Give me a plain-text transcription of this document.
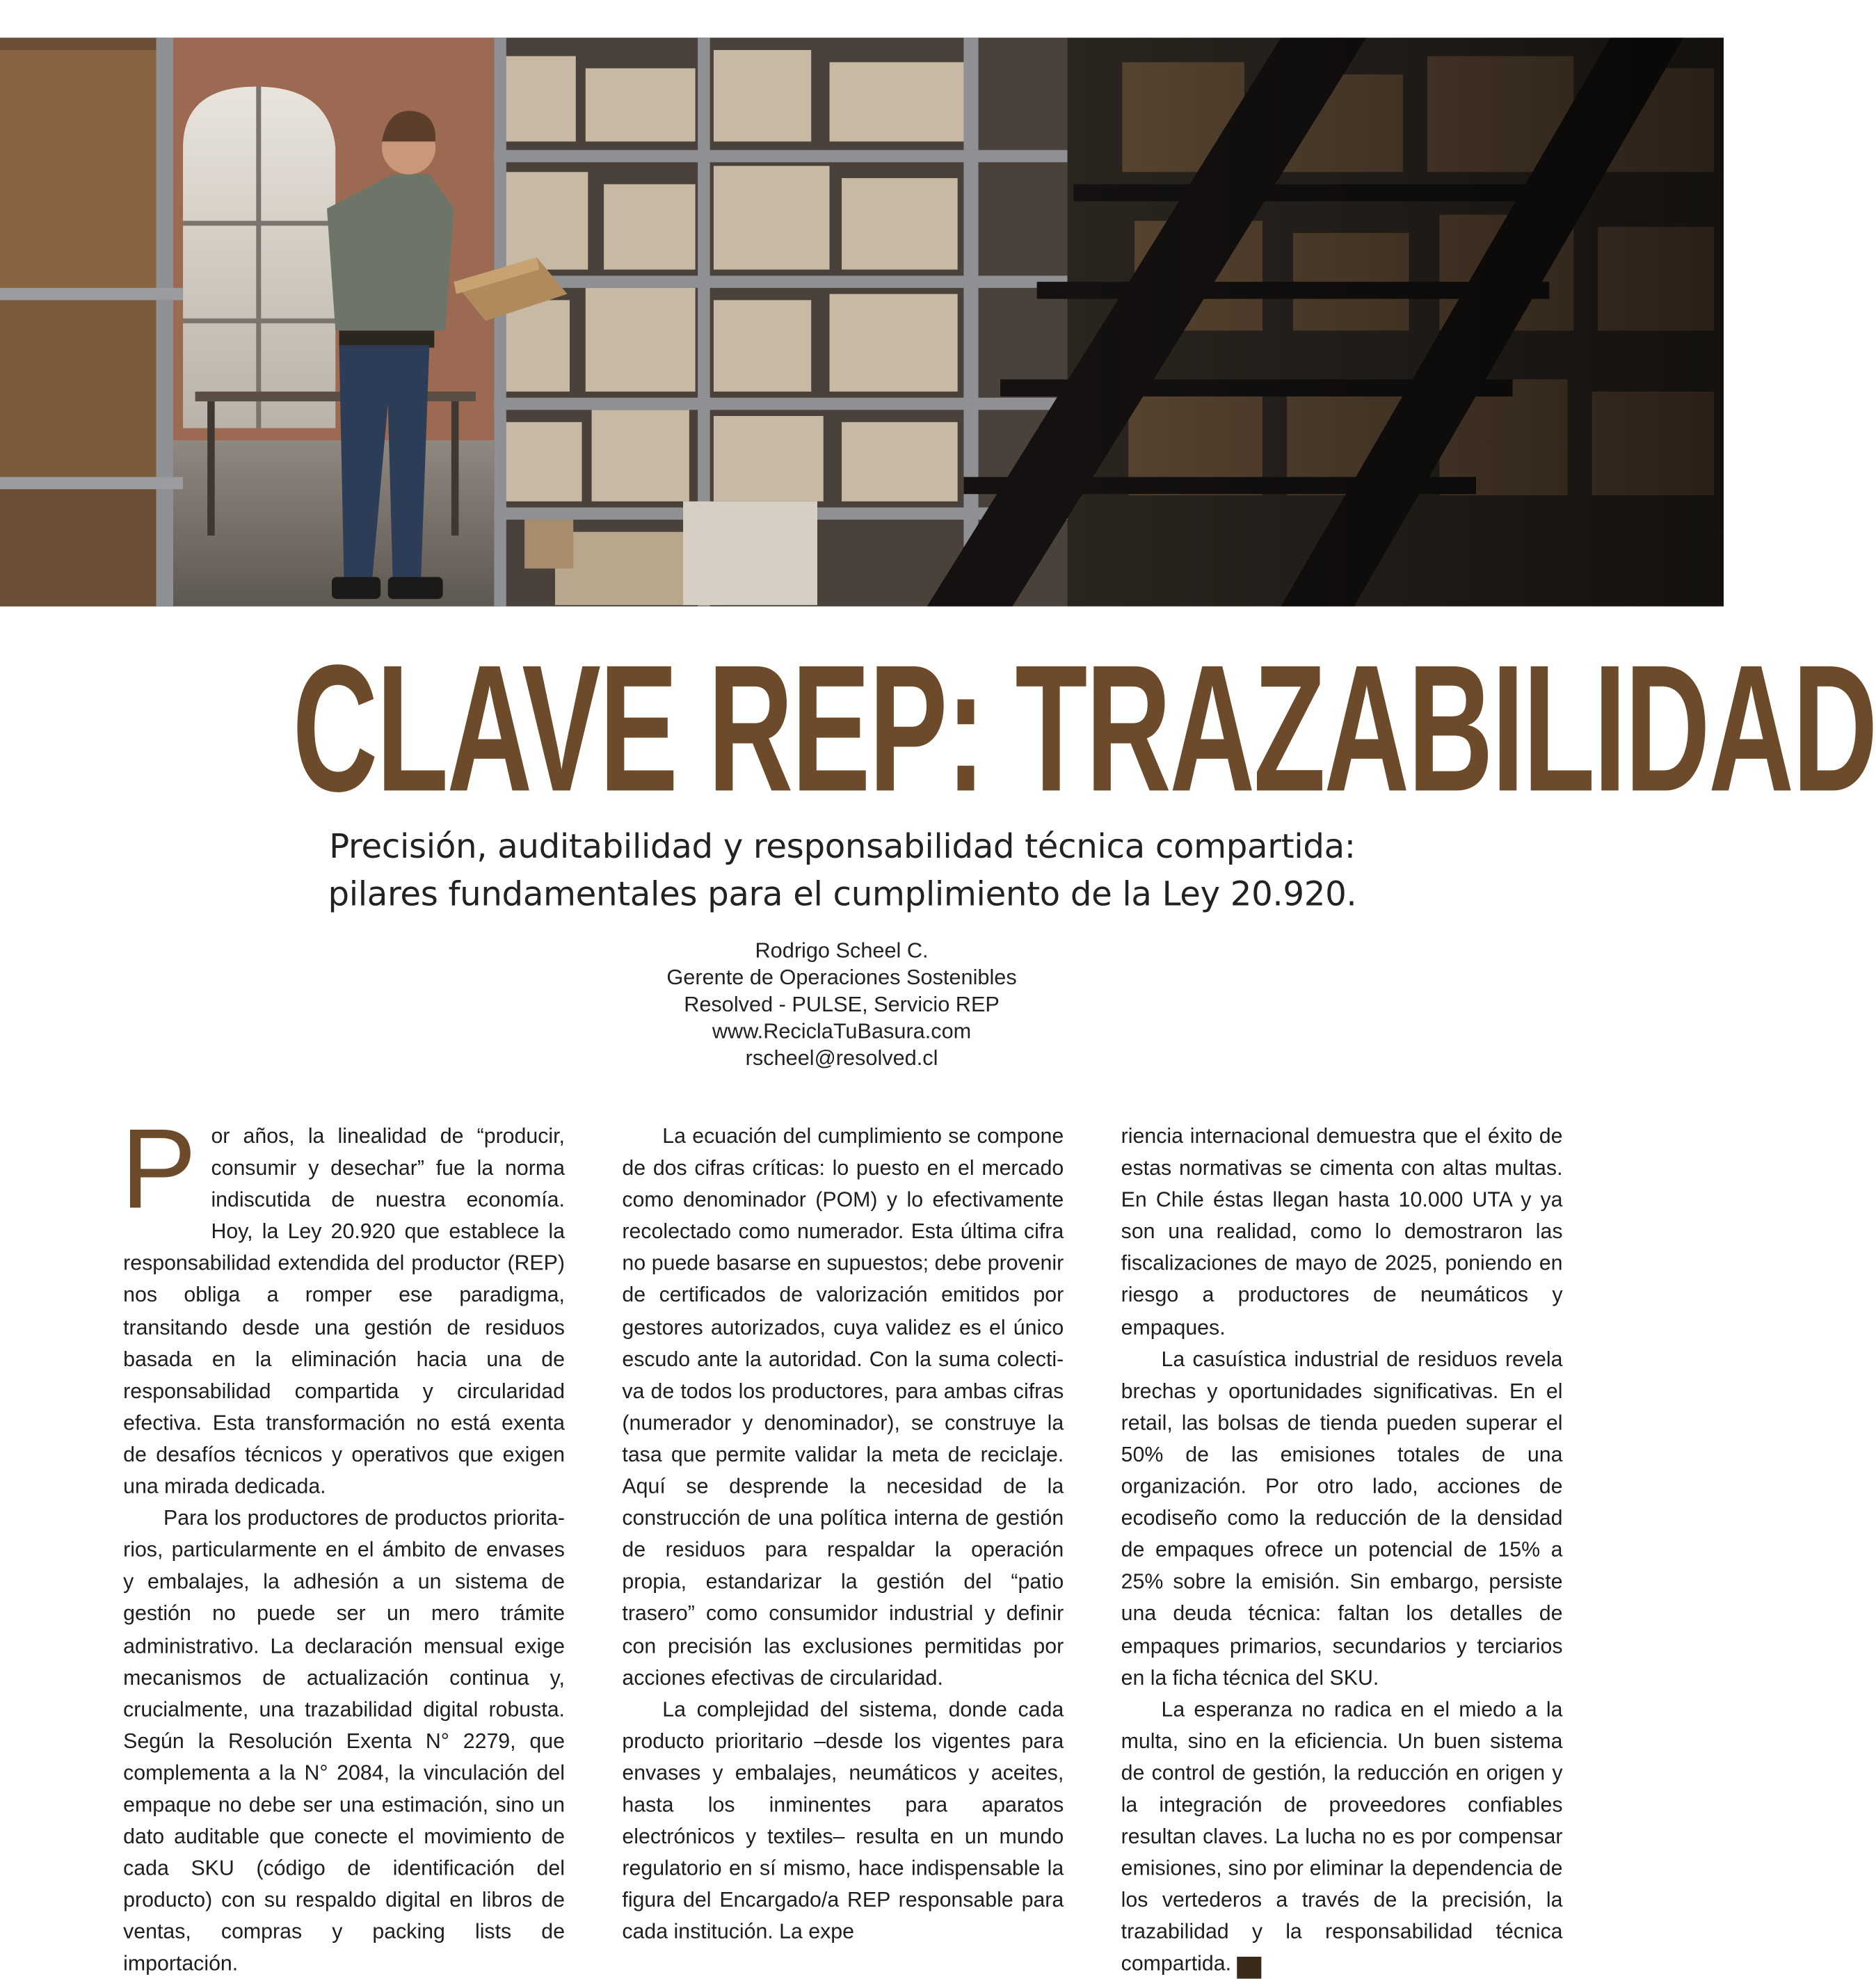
CLAVE REP: TRAZABILIDAD
Precisión, auditabilidad y responsabilidad técnica compartida:
pilares fundamentales para el cumplimiento de la Ley 20.920.
Rodrigo Scheel C.
Gerente de Operaciones Sostenibles
Resolved - PULSE, Servicio REP
www.ReciclaTuBasura.com
rscheel@resolved.cl

P or años, la linealidad de “producir, consumir y desechar” fue la norma indiscutida de nuestra economía. Hoy, la Ley 20.920 que establece la responsabilidad extendida del productor (REP) nos obliga a romper ese paradigma, transitando desde una gestión de residuos basada en la eliminación hacia una de responsabilidad compartida y circularidad efectiva. Esta transformación no está exenta de desafíos técnicos y operativos que exigen una mirada dedicada.

Para los productores de productos prioritarios, particularmente en el ámbito de envases y embalajes, la adhesión a un sistema de gestión no puede ser un mero trámite administrativo. La declaración mensual exige mecanismos de actualización continua y, crucialmente, una trazabilidad digital robusta. Según la Resolución Exenta N° 2279, que complementa a la N° 2084, la vinculación del empaque no debe ser una estimación, sino un dato auditable que conecte el movimiento de cada SKU (código de identificación del producto) con su respaldo digital en libros de ventas, compras y packing lists de importación.

La ecuación del cumplimiento se compone de dos cifras críticas: lo puesto en el mercado como denominador (POM) y lo efectivamente recolectado como numerador. Esta última cifra no puede basarse en supuestos; debe provenir de certificados de valorización emitidos por gestores autorizados, cuya validez es el único escudo ante la autoridad. Con la suma colectiva de todos los productores, para ambas cifras (numerador y denominador), se construye la tasa que permite validar la meta de reciclaje. Aquí se desprende la necesidad de la construcción de una política interna de gestión de residuos para respaldar la operación propia, estandarizar la gestión del “patio trasero” como consumidor industrial y definir con precisión las exclusiones permitidas por acciones efectivas de circularidad.

La complejidad del sistema, donde cada producto prioritario –desde los vigentes para envases y embalajes, neumáticos y aceites, hasta los inminentes para aparatos electrónicos y textiles– resulta en un mundo regulatorio en sí mismo, hace indispensable la figura del Encargado/a REP responsable para cada institución. La expe

riencia internacional demuestra que el éxito de estas normativas se cimenta con altas multas. En Chile éstas llegan hasta 10.000 UTA y ya son una realidad, como lo demostraron las fiscalizaciones de mayo de 2025, poniendo en riesgo a productores de neumáticos y empaques.

La casuística industrial de residuos revela brechas y oportunidades significativas. En el retail, las bolsas de tienda pueden superar el 50% de las emisiones totales de una organización. Por otro lado, acciones de ecodiseño como la reducción de la densidad de empaques ofrece un potencial de 15% a 25% sobre la emisión. Sin embargo, persiste una deuda técnica: faltan los detalles de empaques primarios, secundarios y terciarios en la ficha técnica del SKU.

La esperanza no radica en el miedo a la multa, sino en la eficiencia. Un buen sistema de control de gestión, la reducción en origen y la integración de proveedores confiables resultan claves. La lucha no es por compensar emisiones, sino por eliminar la dependencia de los vertederos a través de la precisión, la trazabilidad y la responsabilidad técnica compartida.	IA
